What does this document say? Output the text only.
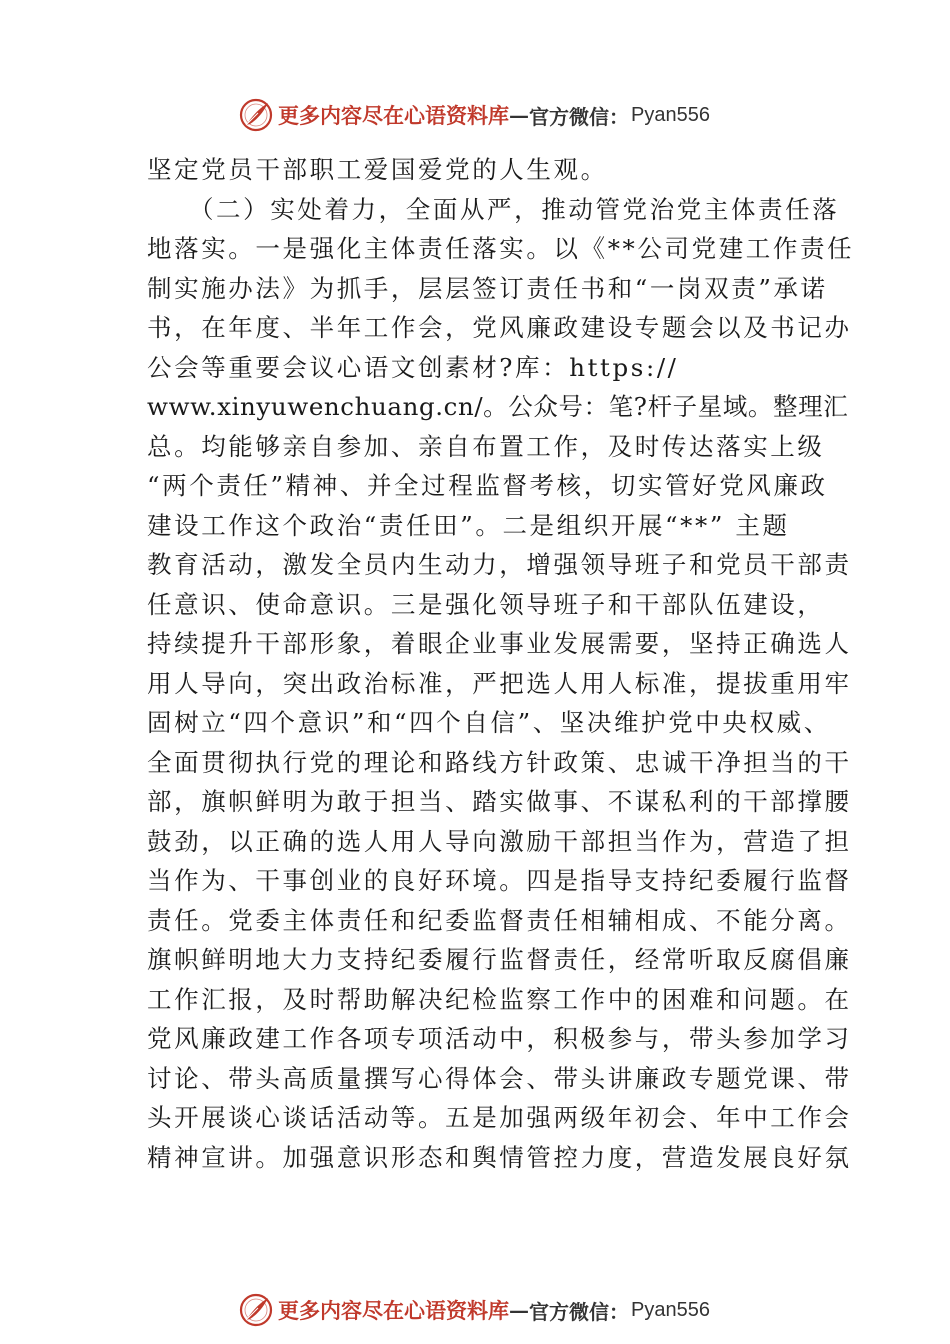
更多内容尽在心语资料库 — 官方微信： Pyan556
坚定党员干部职工爱国爱党的人生观。
　　（二）实处着力，全面从严，推动管党治党主体责任落
地落实。一是强化主体责任落实。以《**公司党建工作责任
制实施办法》为抓手，层层签订责任书和“一岗双责”承诺
书，在年度、半年工作会，党风廉政建设专题会以及书记办
公会等重要会议心语文创素材?库：https://
www.xinyuwenchuang.cn/。公众号：笔?杆子星域。整理汇
总。均能够亲自参加、亲自布置工作，及时传达落实上级
“两个责任”精神、并全过程监督考核，切实管好党风廉政
建设工作这个政治“责任田”。二是组织开展“**” 主题
教育活动，激发全员内生动力，增强领导班子和党员干部责
任意识、使命意识。三是强化领导班子和干部队伍建设，
持续提升干部形象，着眼企业事业发展需要，坚持正确选人
用人导向，突出政治标准，严把选人用人标准，提拔重用牢
固树立“四个意识”和“四个自信”、坚决维护党中央权威、
全面贯彻执行党的理论和路线方针政策、忠诚干净担当的干
部，旗帜鲜明为敢于担当、踏实做事、不谋私利的干部撑腰
鼓劲，以正确的选人用人导向激励干部担当作为，营造了担
当作为、干事创业的良好环境。四是指导支持纪委履行监督
责任。党委主体责任和纪委监督责任相辅相成、不能分离。
旗帜鲜明地大力支持纪委履行监督责任，经常听取反腐倡廉
工作汇报，及时帮助解决纪检监察工作中的困难和问题。在
党风廉政建工作各项专项活动中，积极参与，带头参加学习
讨论、带头高质量撰写心得体会、带头讲廉政专题党课、带
头开展谈心谈话活动等。五是加强两级年初会、年中工作会
精神宣讲。加强意识形态和舆情管控力度，营造发展良好氛
更多内容尽在心语资料库 — 官方微信： Pyan556
